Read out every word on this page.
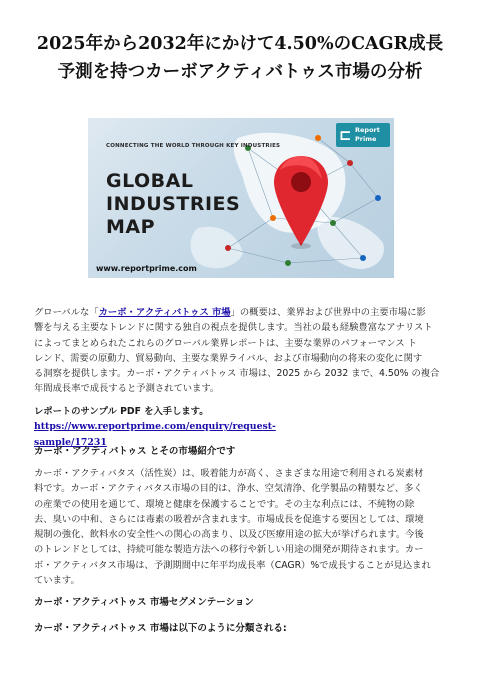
2025年から2032年にかけて4.50%のCAGR成長
予測を持つカーボアクティバトゥス市場の分析
CONNECTING THE WORLD THROUGH KEY INDUSTRIES
GLOBAL
INDUSTRIES
MAP
www.reportprime.com
⊏ Report
Prime
グローバルな「カーボ・アクティバトゥス 市場」の概要は、業界および世界中の主要市場に影
響を与える主要なトレンドに関する独自の視点を提供します。当社の最も経験豊富なアナリスト
によってまとめられたこれらのグローバル業界レポートは、主要な業界のパフォーマンス ト
レンド、需要の原動力、貿易動向、主要な業界ライバル、および市場動向の将来の変化に関す
る洞察を提供します。カーボ・アクティバトゥス 市場は、2025 から 2032 まで、4.50% の複合
年間成長率で成長すると予測されています。
レポートのサンプル PDF を入手します。 https://www.reportprime.com/enquiry/request-
sample/17231
カーボ・アクティバトゥス とその市場紹介です
カーボ・アクティバタス（活性炭）は、吸着能力が高く、さまざまな用途で利用される炭素材
料です。カーボ・アクティバタス市場の目的は、浄水、空気清浄、化学製品の精製など、多く
の産業での使用を通じて、環境と健康を保護することです。その主な利点には、不純物の除
去、臭いの中和、さらには毒素の吸着が含まれます。市場成長を促進する要因としては、環境
規制の強化、飲料水の安全性への関心の高まり、以及び医療用途の拡大が挙げられます。今後
のトレンドとしては、持続可能な製造方法への移行や新しい用途の開発が期待されます。カー
ボ・アクティバタス市場は、予測期間中に年平均成長率（CAGR）%で成長することが見込まれ
ています。
カーボ・アクティバトゥス 市場セグメンテーション
カーボ・アクティバトゥス 市場は以下のように分類される:
